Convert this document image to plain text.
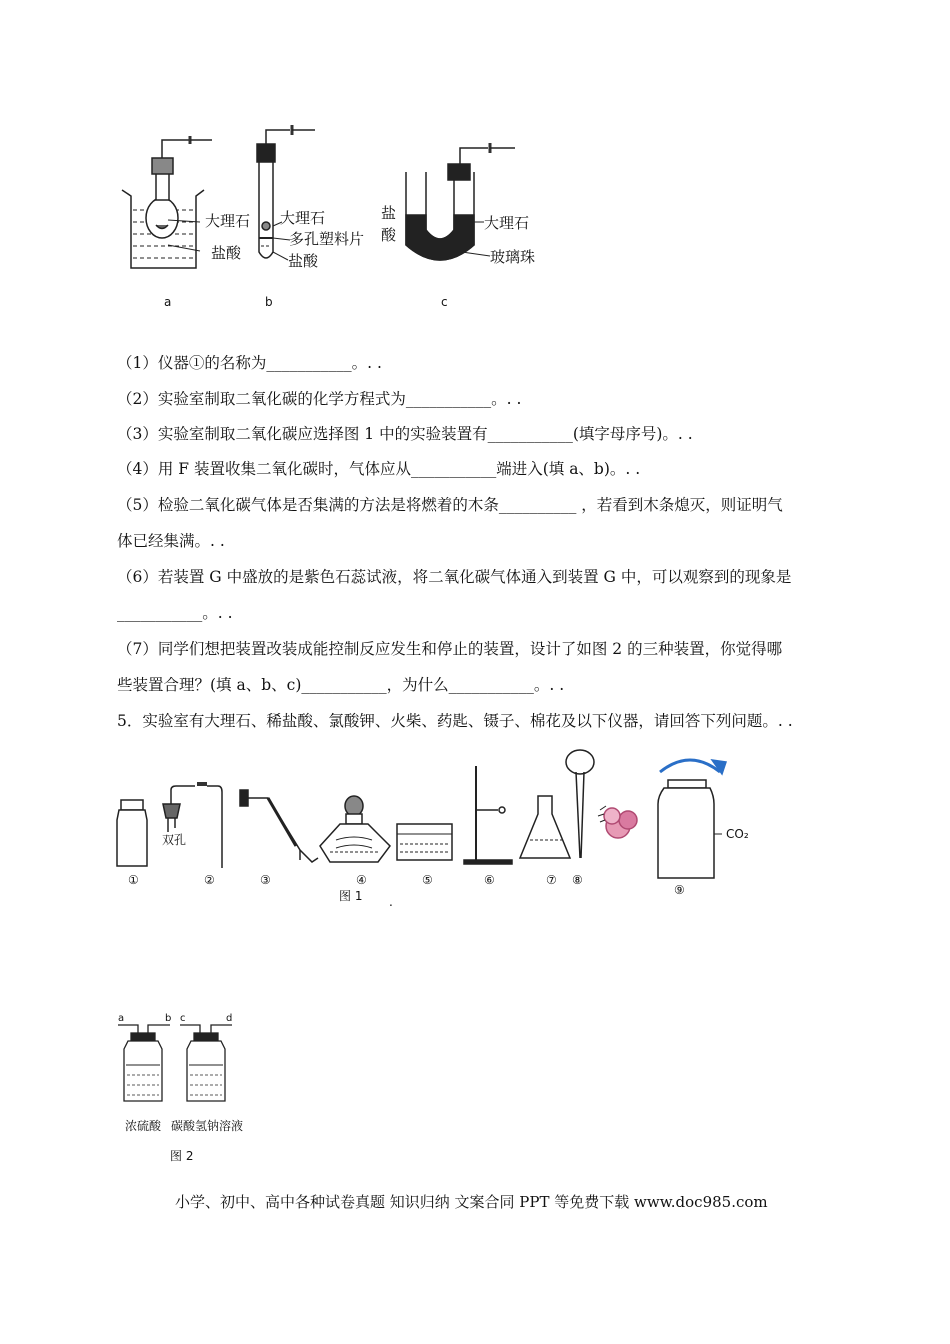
大理石
盐酸
大理石
多孔塑料片
盐酸
盐
酸
大理石
玻璃珠
a	b	c
（1）仪器①的名称为___________。. .
（2）实验室制取二氧化碳的化学方程式为___________。. .
（3）实验室制取二氧化碳应选择图 1 中的实验装置有___________(填字母序号)。. .
（4）用 F 装置收集二氧化碳时，气体应从___________端进入(填 a、b)。. .
（5）检验二氧化碳气体是否集满的方法是将燃着的木条__________ ，若看到木条熄灭，则证明气
体已经集满。. .
（6）若装置 G 中盛放的是紫色石蕊试液，将二氧化碳气体通入到装置 G 中，可以观察到的现象是
___________。. .
（7）同学们想把装置改装成能控制反应发生和停止的装置，设计了如图 2 的三种装置，你觉得哪
些装置合理？(填 a、b、c)___________，为什么___________。. .
5．实验室有大理石、稀盐酸、氯酸钾、火柴、药匙、镊子、棉花及以下仪器，请回答下列问题。. .
双孔	CO₂
①	②	③	④	⑤	⑥	⑦ ⑧
⑨
图 1 .
a	b c	d
浓硫酸 碳酸氢钠溶液
图 2
小学、初中、高中各种试卷真题 知识归纳 文案合同 PPT 等免费下载 www.doc985.com
